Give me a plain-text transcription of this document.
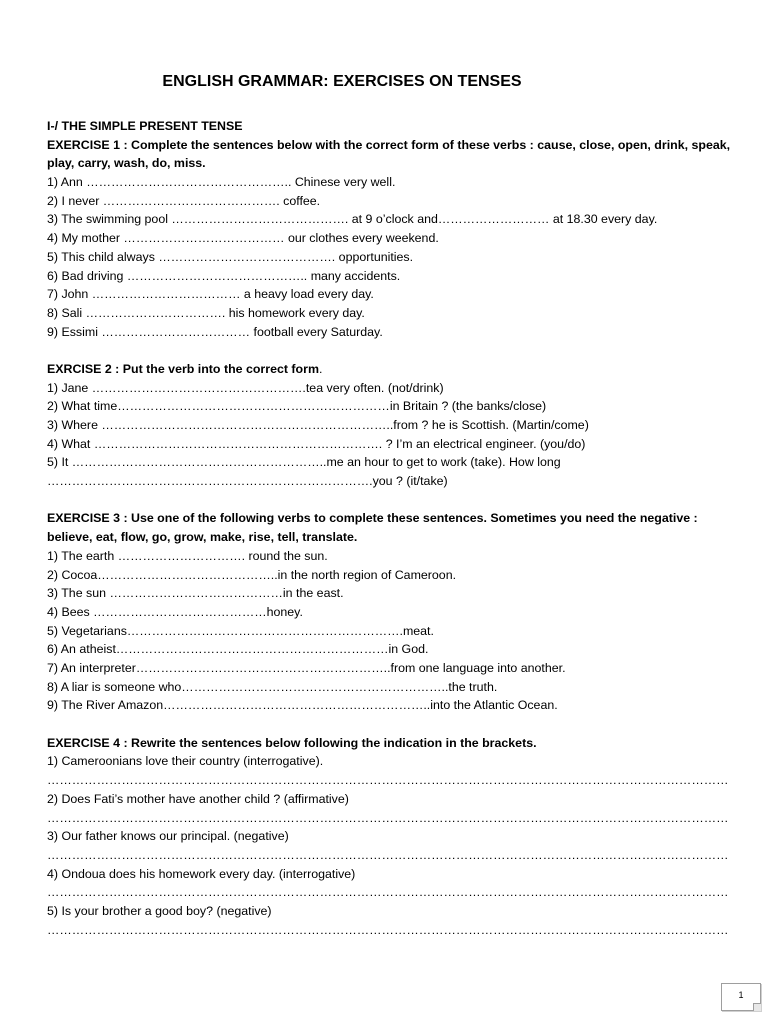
ENGLISH GRAMMAR: EXERCISES ON TENSES
I-/ THE SIMPLE PRESENT TENSE
EXERCISE 1 : Complete the sentences below with the correct form of these verbs : cause, close, open, drink, speak, play, carry, wash, do, miss.
1) Ann ………………………………………….. Chinese very well.
2) I never ……………………………………. coffee.
3) The swimming pool ……………………………………. at 9 o’clock and……………………… at 18.30 every day.
4) My mother ………………………………… our clothes every weekend.
5) This child always ……………………………………. opportunities.
6) Bad driving …………………………………….. many accidents.
7) John ……………………………… a heavy load every day.
8) Sali ……………………………. his homework every day.
9) Essimi ……………………………… football every Saturday.
EXRCISE 2 : Put the verb into the correct form.
1) Jane …………………………………………….tea very often. (not/drink)
2) What time…………………………………………………………in Britain ? (the banks/close)
3) Where ……………………………………………………………..from ? he is Scottish. (Martin/come)
4) What ……………………………………………………………. ? I’m an electrical engineer. (you/do)
5) It ……………………………………………………..me an hour to get to work (take). How long
…………………………………………………………………….you ? (it/take)
EXERCISE 3 : Use one of the following verbs to complete these sentences. Sometimes you need the negative : believe, eat, flow, go, grow, make, rise, tell, translate.
1) The earth …………………………. round the sun.
2) Cocoa……………………………………..in the north region of Cameroon.
3) The sun ……………………………………in the east.
4) Bees ……………………………………honey.
5) Vegetarians………………………………………………………….meat.
6) An atheist…………………………………………………………in God.
7) An interpreter……………………………………………………..from one language into another.
8) A liar is someone who………………………………………………………..the truth.
9) The River Amazon………………………………………………………..into the Atlantic Ocean.
EXERCISE 4 : Rewrite the sentences below following the indication in the brackets.
1) Cameroonians love their country (interrogative).
…………………………………………………………………………………………………………………………………………………
2) Does Fati’s mother have another child ? (affirmative)
…………………………………………………………………………………………………………………………………………………
3) Our father knows our principal. (negative)
…………………………………………………………………………………………………………………………………………………
4) Ondoua does his homework every day. (interrogative)
…………………………………………………………………………………………………………………………………………………
5) Is your brother a good boy? (negative)
…………………………………………………………………………………………………………………………………………………
1
